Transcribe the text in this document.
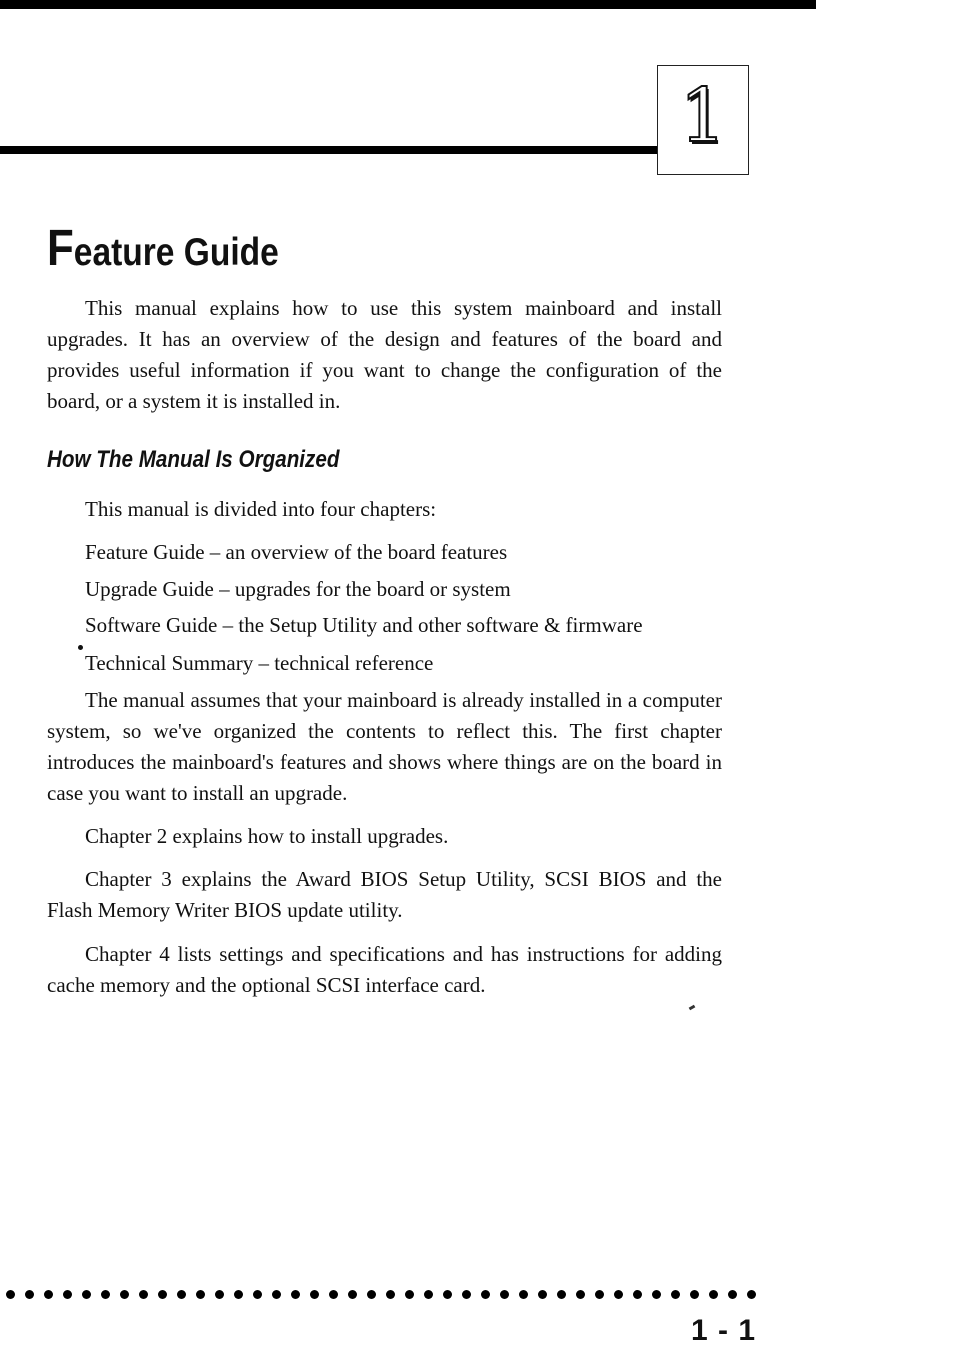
1
Feature Guide

This manual explains how to use this system mainboard and install upgrades. It has an overview of the design and features of the board and provides useful information if you want to change the configuration of the board, or a system it is installed in.

How The Manual Is Organized

This manual is divided into four chapters:

Feature Guide – an overview of the board features

Upgrade Guide – upgrades for the board or system

Software Guide – the Setup Utility and other software & firmware

Technical Summary – technical reference

The manual assumes that your mainboard is already installed in a computer system, so we've organized the contents to reflect this. The first chapter introduces the mainboard's features and shows where things are on the board in case you want to install an upgrade.

Chapter 2 explains how to install upgrades.

Chapter 3 explains the Award BIOS Setup Utility, SCSI BIOS and the Flash Memory Writer BIOS update utility.

Chapter 4 lists settings and specifications and has instructions for adding cache memory and the optional SCSI interface card.

1 - 1
